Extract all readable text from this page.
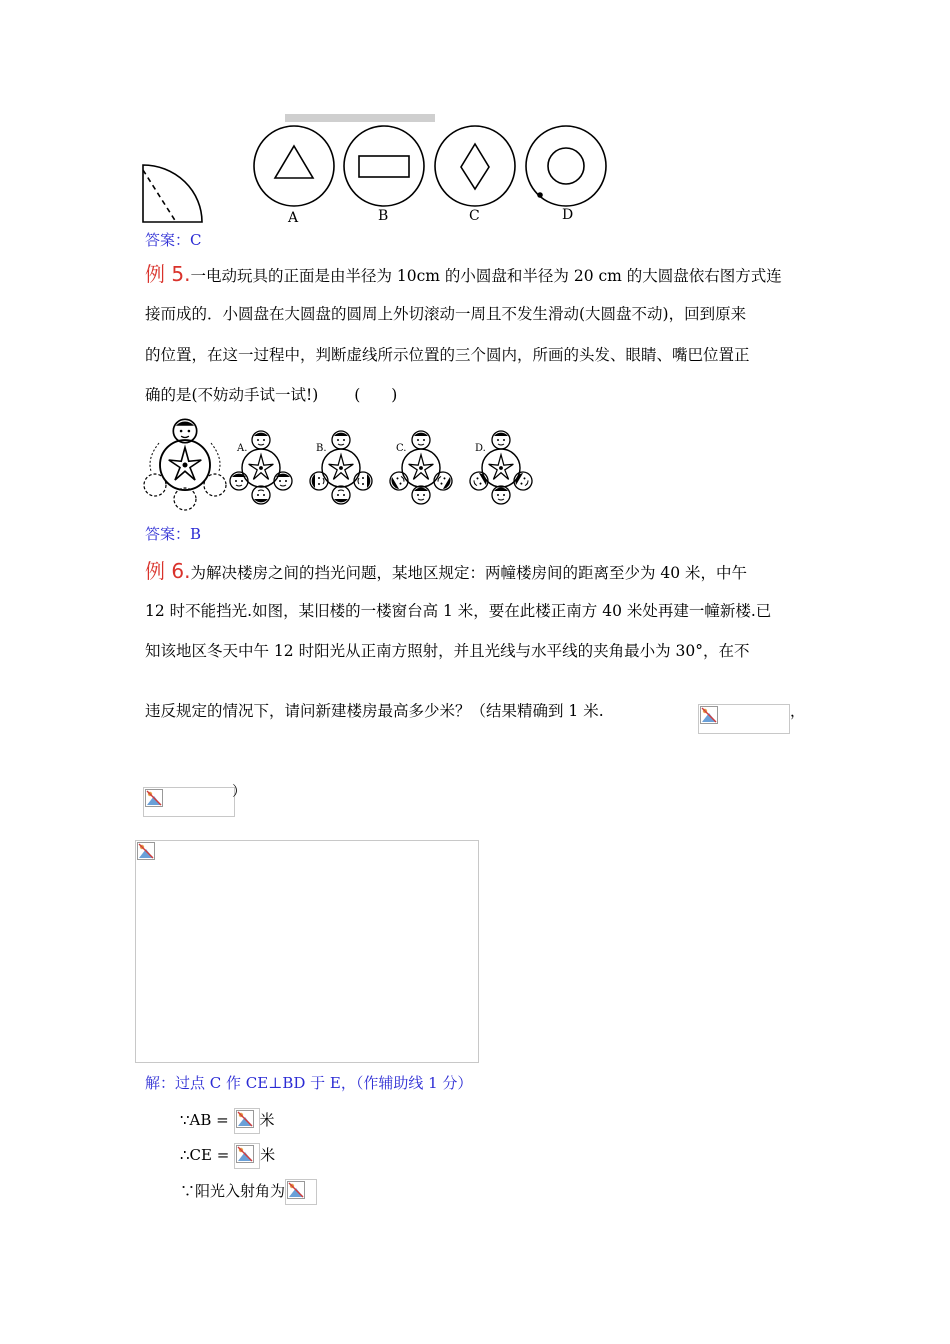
A	B	C	D
答案：C
例 5.一电动玩具的正面是由半径为 10cm 的小圆盘和半径为 20 cm 的大圆盘依右图方式连
接而成的．小圆盘在大圆盘的圆周上外切滚动一周且不发生滑动(大圆盘不动)，回到原来
的位置，在这一过程中，判断虚线所示位置的三个圆内，所画的头发、眼睛、嘴巴位置正
确的是(不妨动手试一试!)　　 (　　)
A.	B.	C.	D.
答案：B
例 6.为解决楼房之间的挡光问题，某地区规定：两幢楼房间的距离至少为 40 米，中午
12 时不能挡光.如图，某旧楼的一楼窗台高 1 米，要在此楼正南方 40 米处再建一幢新楼.已
知该地区冬天中午 12 时阳光从正南方照射，并且光线与水平线的夹角最小为 30°，在不
违反规定的情况下，请问新建楼房最高多少米？（结果精确到 1 米.	，
）
解：过点 C 作 CE⊥BD 于 E，（作辅助线 1 分）
∵AB = 米
∴CE = 米
∵阳光入射角为
